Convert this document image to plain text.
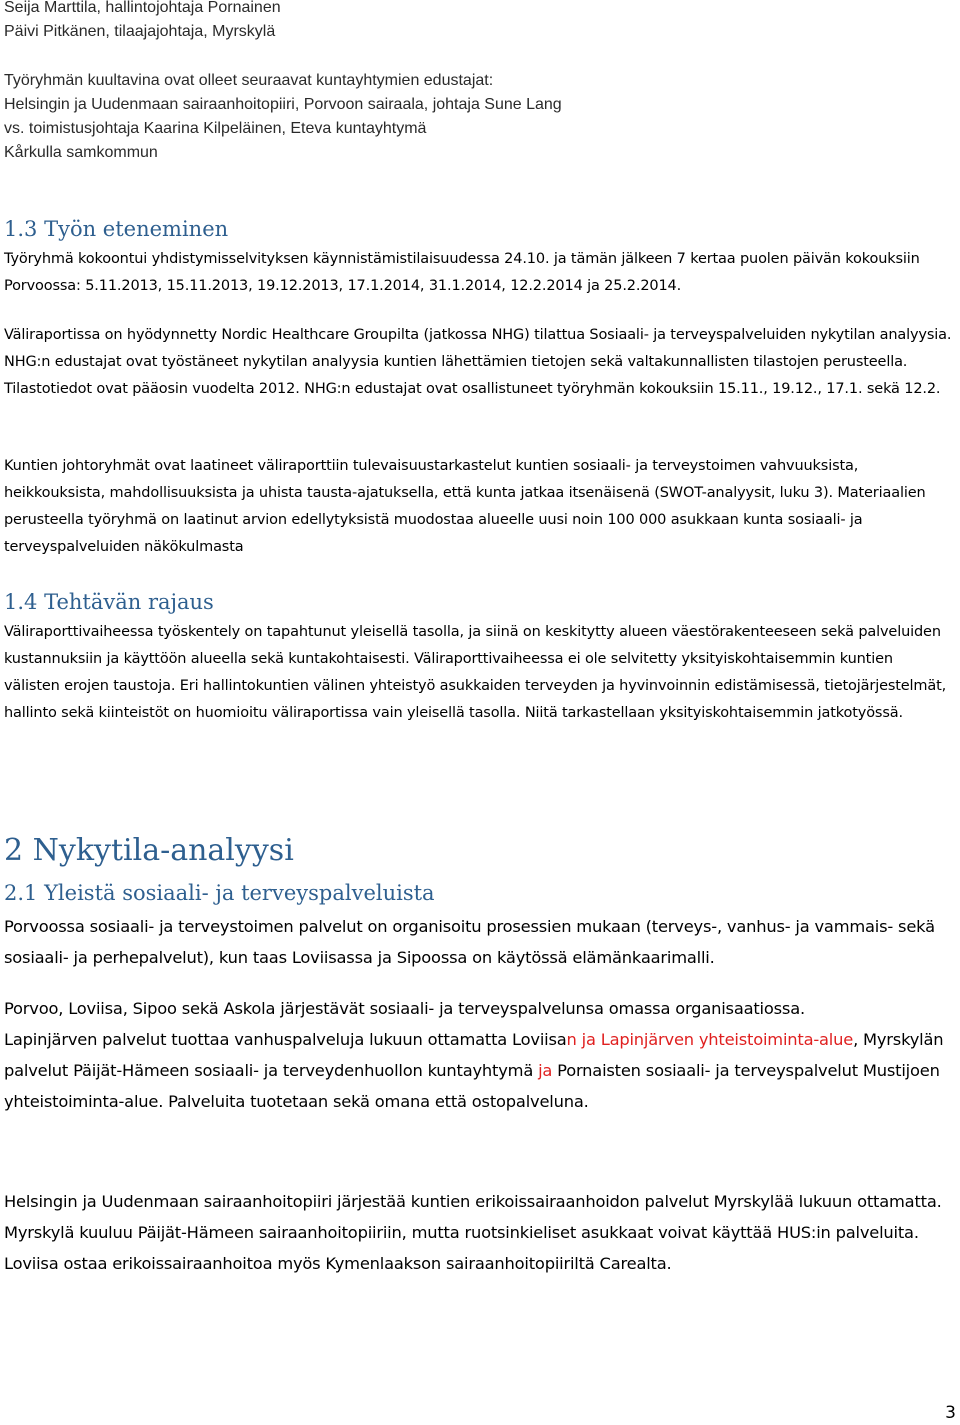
Seija Marttila, hallintojohtaja Pornainen
Päivi Pitkänen, tilaajajohtaja, Myrskylä
Työryhmän kuultavina ovat olleet seuraavat kuntayhtymien edustajat:
Helsingin ja Uudenmaan sairaanhoitopiiri, Porvoon sairaala, johtaja Sune Lang
vs. toimistusjohtaja Kaarina Kilpeläinen, Eteva kuntayhtymä
Kårkulla samkommun
1.3 Työn eteneminen

Työryhmä kokoontui yhdistymisselvityksen käynnistämistilaisuudessa 24.10. ja tämän jälkeen 7 kertaa puolen päivän kokouksiin Porvoossa: 5.11.2013, 15.11.2013, 19.12.2013, 17.1.2014, 31.1.2014, 12.2.2014 ja 25.2.2014.

Väliraportissa on hyödynnetty Nordic Healthcare Groupilta (jatkossa NHG) tilattua Sosiaali- ja terveyspalveluiden nykytilan analyysia. NHG:n edustajat ovat työstäneet nykytilan analyysia kuntien lähettämien tietojen sekä valtakunnallisten tilastojen perusteella. Tilastotiedot ovat pääosin vuodelta 2012. NHG:n edustajat ovat osallistuneet työryhmän kokouksiin 15.11., 19.12., 17.1. sekä 12.2.

Kuntien johtoryhmät ovat laatineet väliraporttiin tulevaisuustarkastelut kuntien sosiaali- ja terveystoimen vahvuuksista, heikkouksista, mahdollisuuksista ja uhista tausta-ajatuksella, että kunta jatkaa itsenäisenä (SWOT-analyysit, luku 3). Materiaalien perusteella työryhmä on laatinut arvion edellytyksistä muodostaa alueelle uusi noin 100 000 asukkaan kunta sosiaali- ja terveyspalveluiden näkökulmasta

1.4 Tehtävän rajaus

Väliraporttivaiheessa työskentely on tapahtunut yleisellä tasolla, ja siinä on keskitytty alueen väestörakenteeseen sekä palveluiden kustannuksiin ja käyttöön alueella sekä kuntakohtaisesti. Väliraporttivaiheessa ei ole selvitetty yksityiskohtaisemmin kuntien välisten erojen taustoja. Eri hallintokuntien välinen yhteistyö asukkaiden terveyden ja hyvinvoinnin edistämisessä, tietojärjestelmät, hallinto sekä kiinteistöt on huomioitu väliraportissa vain yleisellä tasolla. Niitä tarkastellaan yksityiskohtaisemmin jatkotyössä.

2 Nykytila-analyysi
2.1 Yleistä sosiaali- ja terveyspalveluista

Porvoossa sosiaali- ja terveystoimen palvelut on organisoitu prosessien mukaan (terveys-, vanhus- ja vammais- sekä sosiaali- ja perhepalvelut), kun taas Loviisassa ja Sipoossa on käytössä elämänkaarimalli.

Porvoo, Loviisa, Sipoo sekä Askola järjestävät sosiaali- ja terveyspalvelunsa omassa organisaatiossa.
Lapinjärven palvelut tuottaa vanhuspalveluja lukuun ottamatta Loviisan ja Lapinjärven yhteistoiminta-alue, Myrskylän palvelut Päijät-Hämeen sosiaali- ja terveydenhuollon kuntayhtymä ja Pornaisten sosiaali- ja terveyspalvelut Mustijoen yhteistoiminta-alue. Palveluita tuotetaan sekä omana että ostopalveluna.

Helsingin ja Uudenmaan sairaanhoitopiiri järjestää kuntien erikoissairaanhoidon palvelut Myrskylää lukuun ottamatta. Myrskylä kuuluu Päijät-Hämeen sairaanhoitopiiriin, mutta ruotsinkieliset asukkaat voivat käyttää HUS:in palveluita. Loviisa ostaa erikoissairaanhoitoa myös Kymenlaakson sairaanhoitopiiriltä Carealta.

3
